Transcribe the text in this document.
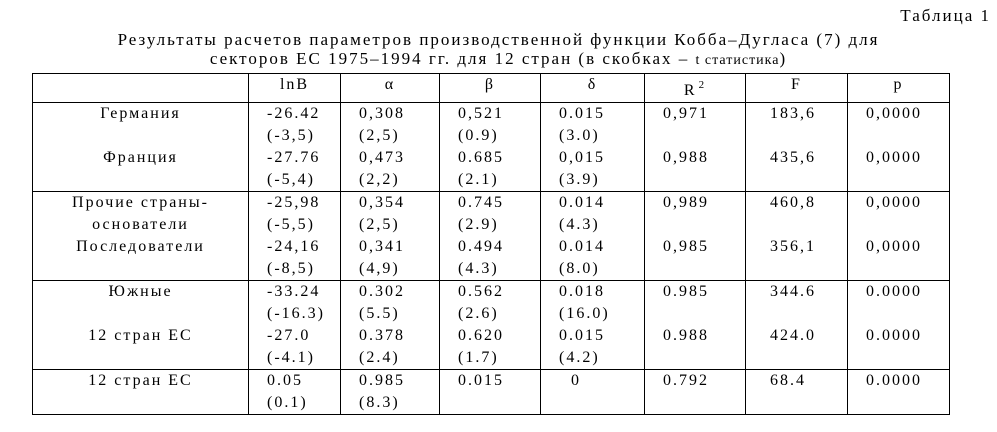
Таблица 1
Результаты расчетов параметров производственной функции Кобба–Дугласа (7) для
секторов ЕС 1975–1994 гг. для 12 стран (в скобках – t статистика)
	lnB	α	β	δ	R $^2$	F	p
Германия	-26.42	0,308	0,521	0.015	0,971	183,6	0,0000
	(-3,5)	(2,5)	(0.9)	(3.0)			
Франция	-27.76	0,473	0.685	0,015	0,988	435,6	0,0000
	(-5,4)	(2,2)	(2.1)	(3.9)			
Прочие страны-	-25,98	0,354	0.745	0.014	0,989	460,8	0,0000
основатели	(-5,5)	(2,5)	(2.9)	(4.3)			
Последователи	-24,16	0,341	0.494	0.014	0,985	356,1	0,0000
	(-8,5)	(4,9)	(4.3)	(8.0)			
Южные	-33.24	0.302	0.562	0.018	0.985	344.6	0.0000
	(-16.3)	(5.5)	(2.6)	(16.0)			
12 стран ЕС	-27.0	0.378	0.620	0.015	0.988	424.0	0.0000
	(-4.1)	(2.4)	(1.7)	(4.2)			
12 стран ЕС	0.05	0.985	0.015	0	0.792	68.4	0.0000
	(0.1)	(8.3)					
